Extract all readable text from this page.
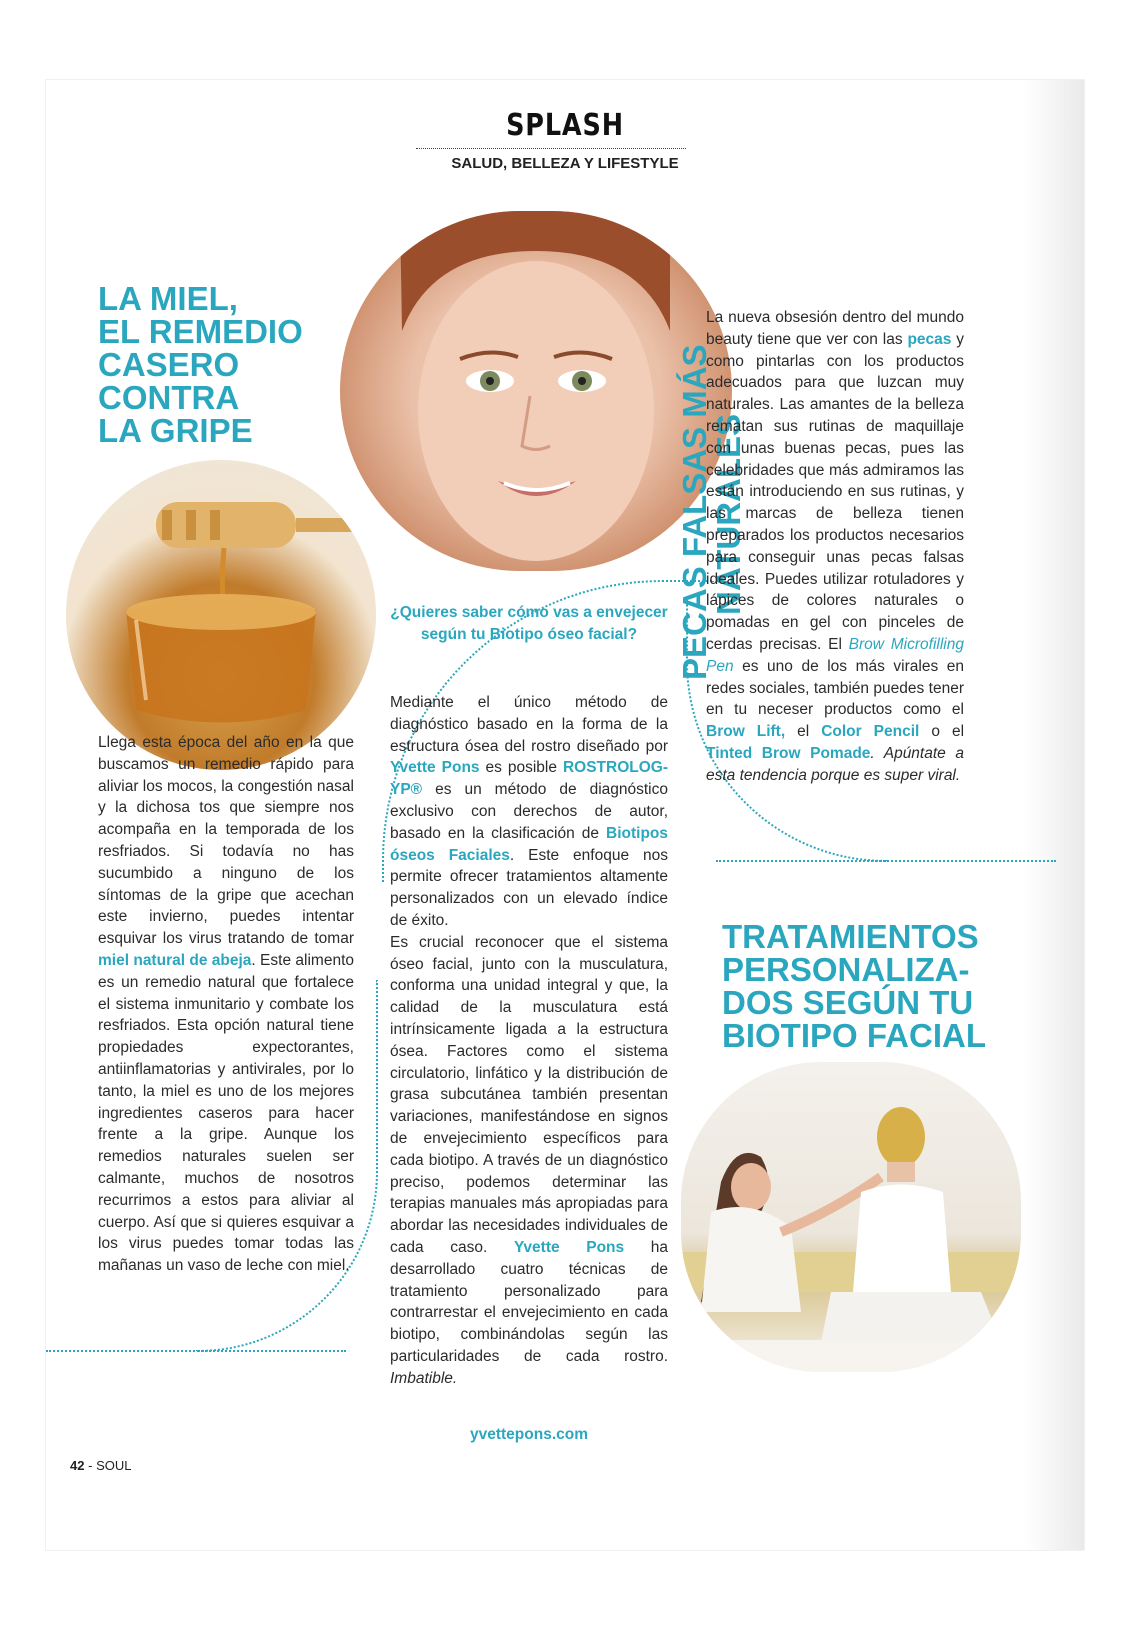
SPLASH
SALUD, BELLEZA Y LIFESTYLE
LA MIEL,
EL REMEDIO
CASERO
CONTRA
LA GRIPE	PECAS FALSAS MÁS
NATURALES
TRATAMIENTOS
PERSONALIZA-
DOS SEGÚN TU
BIOTIPO FACIAL
Llega esta época del año en la que buscamos un remedio rápido para aliviar los mocos, la congestión nasal y la dichosa tos que siempre nos acompaña en la temporada de los resfriados. Si todavía no has sucumbido a ninguno de los síntomas de la gripe que acechan este invierno, puedes intentar esquivar los virus tratando de tomar miel natural de abeja. Este alimento es un remedio natural que fortalece el sistema inmunitario y combate los resfriados. Esta opción natural tiene propiedades expectorantes, antiinflamatorias y antivirales, por lo tanto, la miel es uno de los mejores ingredientes caseros para hacer frente a la gripe. Aunque los remedios naturales suelen ser calmante, muchos de nosotros recurrimos a estos para aliviar al cuerpo. Así que si quieres esquivar a los virus puedes tomar todas las mañanas un vaso de leche con miel.
¿Quieres saber cómo vas a envejecer según tu Biotipo óseo facial?
Mediante el único método de diagnóstico basado en la forma de la estructura ósea del rostro diseñado por Yvette Pons es posible ROSTROLOG-YP® es un método de diagnóstico exclusivo con derechos de autor, basado en la clasificación de Biotipos óseos Faciales. Este enfoque nos permite ofrecer tratamientos altamente personalizados con un elevado índice de éxito.
Es crucial reconocer que el sistema óseo facial, junto con la musculatura, conforma una unidad integral y que, la calidad de la musculatura está intrínsicamente ligada a la estructura ósea. Factores como el sistema circulatorio, linfático y la distribución de grasa subcutánea también presentan variaciones, manifestándose en signos de envejecimiento específicos para cada biotipo. A través de un diagnóstico preciso, podemos determinar las terapias manuales más apropiadas para abordar las necesidades individuales de cada caso. Yvette Pons ha desarrollado cuatro técnicas de tratamiento personalizado para contrarrestar el envejecimiento en cada biotipo, combinándolas según las particularidades de cada rostro. Imbatible.
yvettepons.com
La nueva obsesión dentro del mundo beauty tiene que ver con las pecas y como pintarlas con los productos adecuados para que luzcan muy naturales. Las amantes de la belleza rematan sus rutinas de maquillaje con unas buenas pecas, pues las celebridades que más admiramos las están introduciendo en sus rutinas, y las marcas de belleza tienen preparados los productos necesarios para conseguir unas pecas falsas ideales. Puedes utilizar rotuladores y lápices de colores naturales o pomadas en gel con pinceles de cerdas precisas. El Brow Microfilling Pen es uno de los más virales en redes sociales, también puedes tener en tu neceser productos como el Brow Lift, el Color Pencil o el Tinted Brow Pomade. Apúntate a esta tendencia porque es super viral.
42 - SOUL
